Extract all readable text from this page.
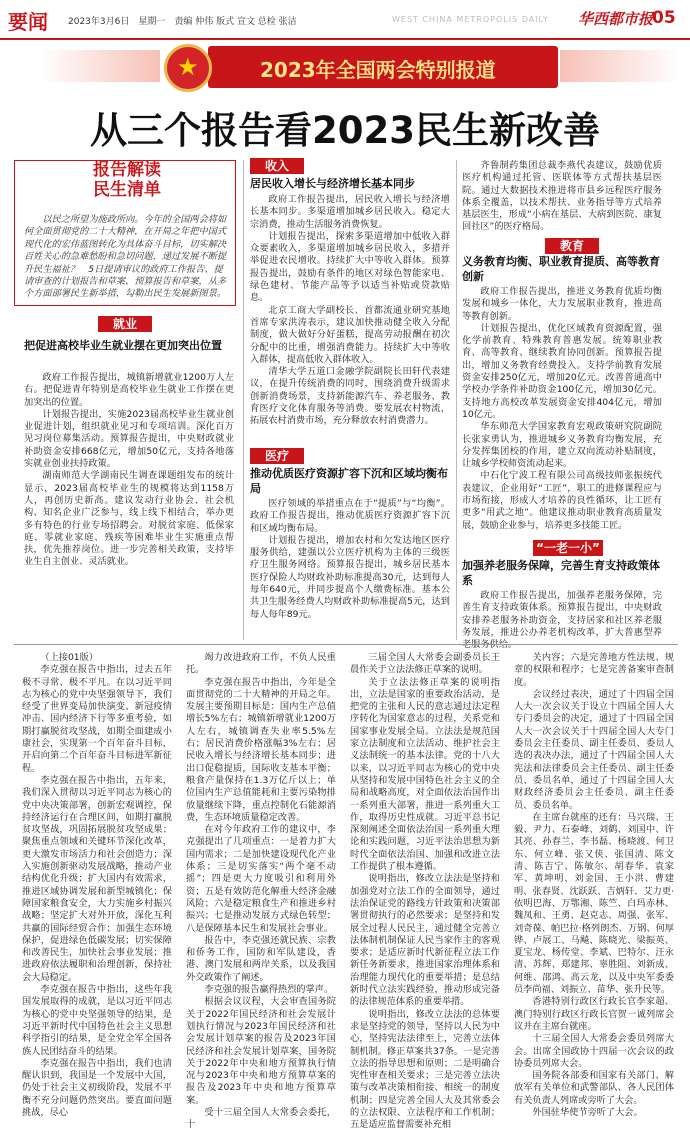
要闻 2023年3月6日　星期一　责编 仲伟 版式 宣文 总检 张洁	WEST CHINA METROPOLIS DAILY 华西都市报
05
2023年全国两会特别报道
★
从三个报告看2023民生新改善
报告解读 民生清单
以民之所望为施政所向。今年的全国两会将如何全面贯彻党的二十大精神，在开局之年把中国式现代化的宏伟蓝图转化为具体奋斗目标，切实解决百姓关心的急难愁盼和急切问题，递过发展不断提升民生福祉？　5日提请审议的政府工作报告、提请审查的计划报告和草案、预算报告和草案，从多个方面部署民生新举措，勾勒出民生发展新图景。
就业
把促进高校毕业生就业摆在更加突出位置

政府工作报告提出，城镇新增就业1200万人左右。把促进青年特别是高校毕业生就业工作摆在更加突出的位置。

计划报告提出，实施2023届高校毕业生就业创业促进计划，组织就业见习和专项培训。深化百万见习岗位募集活动。预算报告提出，中央财政就业补助资金安排668亿元，增加50亿元，支持各地落实就业创业扶持政策。

湖南师范大学湖南民生调查课题组发布的统计显示，2023届高校毕业生的规模将达到1158万人，再创历史新高。建议发动行业协会、社会机构、知名企业广泛参与，线上线下相结合，举办更多有特色的行业专场招聘会。对脱贫家庭、低保家庭、零就业家庭、残疾等困难毕业生实施重点帮扶，优先推荐岗位。进一步完善相关政策，支持毕业生自主创业、灵活就业。

收入
居民收入增长与经济增长基本同步

政府工作报告提出，居民收入增长与经济增长基本同步。多渠道增加城乡居民收入。稳定大宗消费，推动生活服务消费恢复。

计划报告提出，探索多渠道增加中低收入群众要素收入，多渠道增加城乡居民收入，多措并举促进农民增收。持续扩大中等收入群体。预算报告提出，鼓励有条件的地区对绿色智能家电、绿色建材、节能产品等予以适当补贴或贷款贴息。

北京工商大学副校长、首都流通业研究基地首席专家洪涛表示，建议加快推动健全收入分配制度，做大做好分好蛋糕，提高劳动报酬在初次分配中的比重，增强消费能力。持续扩大中等收入群体，提高低收入群体收入。

清华大学五道口金融学院副院长田轩代表建议，在提升传统消费的同时，围绕消费升级需求创新消费场景，支持新能源汽车、养老服务、教育医疗文化体育服务等消费。要发展农村物流，拓展农村消费市场，充分释放农村消费潜力。

医疗
推动优质医疗资源扩容下沉和区域均衡布局

医疗领域的举措重点在于“提质”与“均衡”。政府工作报告提出，推动优质医疗资源扩容下沉和区域均衡布局。

计划报告提出，增加农村和欠发达地区医疗服务供给，建强以公立医疗机构为主体的三级医疗卫生服务网络。预算报告提出，城乡居民基本医疗保险人均财政补助标准提高30元，达到每人每年640元，并同步提高个人缴费标准。基本公共卫生服务经费人均财政补助标准提高5元，达到每人每年89元。

齐鲁制药集团总裁李燕代表建议，鼓励优质医疗机构通过托管、医联体等方式帮扶基层医院。通过大数据技术推进将市县乡远程医疗服务体系全覆盖，以技术帮扶、业务指导等方式培养基层医生，形成“小病在基层、大病到医院、康复回社区”的医疗格局。

教育
义务教育均衡、职业教育提质、高等教育创新

政府工作报告提出，推进义务教育优质均衡发展和城乡一体化，大力发展职业教育，推进高等教育创新。

计划报告提出，优化区域教育资源配置，强化学前教育、特殊教育普惠发展。统筹职业教育、高等教育、继续教育协同创新。预算报告提出，增加义务教育经费投入。支持学前教育发展资金安排250亿元，增加20亿元。改善普通高中学校办学条件补助资金100亿元，增加30亿元。支持地方高校改革发展资金安排404亿元，增加10亿元。

华东师范大学国家教育宏观政策研究院副院长张家勇认为，推进城乡义务教育均衡发展，充分发挥集团校的作用，建立双向流动补贴制度，让城乡学校师资流动起来。

中石化宁波工程有限公司高级技师张振统代表建议，企业用好“工匠”，职工的进修课程应与市场衔接，形成人才培养的良性循环，让工匠有更多“用武之地”。他建议推动职业教育高质量发展，鼓励企业参与，培养更多技能工匠。

“一老一小”
加强养老服务保障，完善生育支持政策体系

政府工作报告提出，加强养老服务保障，完善生育支持政策体系。预算报告提出，中央财政安排养老服务补助资金，支持居家和社区养老服务发展，推进公办养老机构改革，扩大普惠型养

（上接01版）

李克强在报告中指出，过去五年极不寻常、极不平凡。在以习近平同志为核心的党中央坚强领导下，我们经受了世界变局加快演变、新冠疫情冲击、国内经济下行等多重考验，如期打赢脱贫攻坚战，如期全面建成小康社会，实现第一个百年奋斗目标，开启向第二个百年奋斗目标进军新征程。

李克强在报告中指出，五年来，我们深入贯彻以习近平同志为核心的党中央决策部署，创新宏观调控，保持经济运行在合理区间，如期打赢脱贫攻坚战，巩固拓展脱贫攻坚成果；聚焦重点领域和关键环节深化改革，更大激发市场活力和社会创造力；深入实施创新驱动发展战略，推动产业结构优化升级；扩大国内有效需求，推进区域协调发展和新型城镇化；保障国家粮食安全，大力实施乡村振兴战略；坚定扩大对外开放，深化互利共赢的国际经贸合作；加强生态环境保护，促进绿色低碳发展；切实保障和改善民生，加快社会事业发展；推进政府依法履职和治理创新，保持社会大局稳定。

李克强在报告中指出，这些年我国发展取得的成就，是以习近平同志为核心的党中央坚强领导的结果，是习近平新时代中国特色社会主义思想科学指引的结果，是全党全军全国各族人民团结奋斗的结果。

李克强在报告中指出，我们也清醒认识到，我国是一个发展中大国，仍处于社会主义初级阶段，发展不平衡不充分问题仍然突出。要直面问题挑战，尽心

竭力改进政府工作，不负人民重托。

李克强在报告中指出，今年是全面贯彻党的二十大精神的开局之年。发展主要预期目标是：国内生产总值增长5%左右；城镇新增就业1200万人左右，城镇调查失业率5.5%左右；居民消费价格涨幅3%左右；居民收入增长与经济增长基本同步；进出口促稳提质，国际收支基本平衡；粮食产量保持在1.3万亿斤以上；单位国内生产总值能耗和主要污染物排放量继续下降，重点控制化石能源消费，生态环境质量稳定改善。

在对今年政府工作的建议中，李克强提出了几项重点：一是着力扩大国内需求；二是加快建设现代化产业体系；三是切实落实“两个毫不动摇”；四是更大力度吸引和利用外资；五是有效防范化解重大经济金融风险；六是稳定粮食生产和推进乡村振兴；七是推动发展方式绿色转型；八是保障基本民生和发展社会事业。

报告中，李克强还就民族、宗教和侨务工作，国防和军队建设，香港、澳门发展和两岸关系，以及我国外交政策作了阐述。

李克强的报告赢得热烈的掌声。

根据会议议程，大会审查国务院关于2022年国民经济和社会发展计划执行情况与2023年国民经济和社会发展计划草案的报告及2023年国民经济和社会发展计划草案，国务院关于2022年中央和地方预算执行情况与2023年中央和地方预算草案的报告及2023年中央和地方预算草案。

受十三届全国人大常委会委托，十

三届全国人大常委会副委员长王晨作关于立法法修正草案的说明。

关于立法法修正草案的说明指出，立法是国家的重要政治活动，是把党的主张和人民的意志通过法定程序转化为国家意志的过程，关系党和国家事业发展全局。立法法是规范国家立法制度和立法活动、维护社会主义法制统一的基本法律。党的十八大以来，以习近平同志为核心的党中央从坚持和发展中国特色社会主义的全局和战略高度，对全面依法治国作出一系列重大部署，推进一系列重大工作，取得历史性成就。习近平总书记深刻阐述全面依法治国一系列重大理论和实践问题，习近平法治思想为新时代全面依法治国、加强和改进立法工作提供了根本遵循。

说明指出，修改立法法是坚持和加强党对立法工作的全面领导，通过法治保证党的路线方针政策和决策部署贯彻执行的必然要求；是坚持和发展全过程人民民主，通过健全完善立法体制机制保证人民当家作主的客观要求；是适应新时代新征程立法工作新任务新要求，推进国家治理体系和治理能力现代化的重要举措；是总结新时代立法实践经验，推动形成完备的法律规范体系的重要举措。

说明指出，修改立法法的总体要求是坚持党的领导，坚持以人民为中心，坚持宪法法律至上，完善立法体制机制。修正草案共37条。一是完善立法的指导思想和原则；二是明确合宪性审查相关要求；三是完善立法决策与改革决策相衔接、相统一的制度机制；四是完善全国人大及其常委会的立法权限、立法程序和工作机制；五是适应监督需要补充相

关内容；六是完善地方性法规、规章的权限和程序；七是完善备案审查制度。

会议经过表决，通过了十四届全国人大一次会议关于设立十四届全国人大专门委员会的决定，通过了十四届全国人大一次会议关于十四届全国人大专门委员会主任委员、副主任委员、委员人选的表决办法，通过了十四届全国人大宪法和法律委员会主任委员、副主任委员、委员名单，通过了十四届全国人大财政经济委员会主任委员、副主任委员、委员名单。

在主席台就座的还有：马兴瑞、王毅、尹力、石泰峰、刘鹤、刘国中、许其亮、孙春兰、李书磊、杨晓渡、何卫东、何立峰、张又侠、张国清、陈文清、陈吉宁、陈敏尔、胡春华、袁家军、黄坤明、刘金国、王小洪、曹建明、张春贤、沈跃跃、吉炳轩、艾力更·依明巴海、万鄂湘、陈竺、白玛赤林、魏凤和、王勇、赵克志、周强、张军、刘奇葆、帕巴拉·格列朗杰、万钢、何厚铧、卢展工、马飚、陈晓光、梁振英、夏宝龙、杨传堂、李斌、巴特尔、汪永清、苏辉、郑建邦、辜胜阻、刘新成、何维、邵鸿、高云龙，以及中央军委委员李尚福、刘振立、苗华、张升民等。

香港特别行政区行政长官李家超、澳门特别行政区行政长官贺一诚列席会议并在主席台就座。

十三届全国人大常委会委员列席大会。出席全国政协十四届一次会议的政协委员列席大会。

国务院各部委和国家有关部门、解放军有关单位和武警部队、各人民团体有关负责人列席或旁听了大会。

外国驻华使节旁听了大会。
